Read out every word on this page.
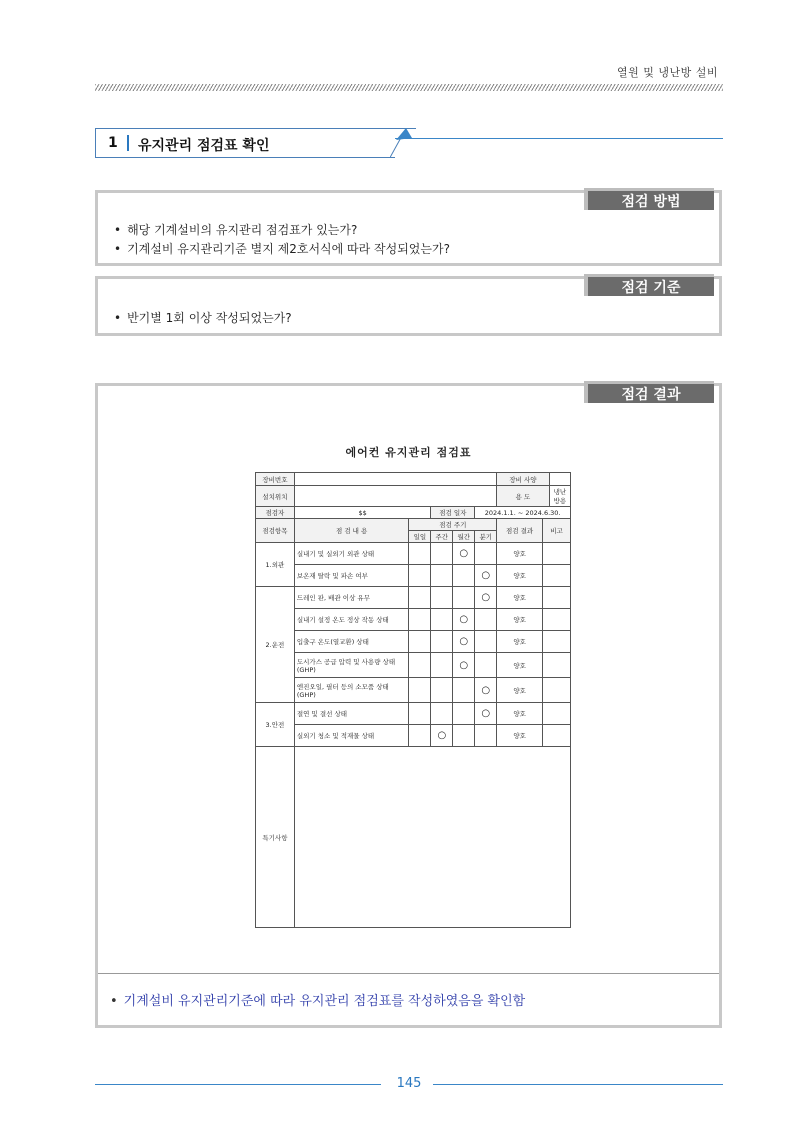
열원 및 냉난방 설비
1 유지관리 점검표 확인
점검 방법
• 해당 기계설비의 유지관리 점검표가 있는가?
• 기계설비 유지관리기준 별지 제2호서식에 따라 작성되었는가?
점검 기준
• 반기별 1회 이상 작성되었는가?
점검 결과
에어컨 유지관리 점검표
장비번호			장비 사양	

설치위치			용 도	냉난방용

점검자	$$	점검 일자	2024.1.1. ~ 2024.6.30.
점검항목	점 검 내 용	점검 주기	점검 결과	비고
일일	주간	월간	분기
1.외관	실내기 및 실외기 외관 상태			○		양호	
보온재 탈락 및 파손 여부				○	양호	
2.운전	드레인 판, 배관 이상 유무				○	양호	
실내기 설정 온도 정상 작동 상태			○		양호	
입출구 온도(열교환) 상태			○		양호	
도시가스 공급 압력 및 사용량 상태(GHP)			○		양호	
엔진오일, 필터 등의 소모품 상태(GHP)				○	양호	
3.안전	절연 및 결선 상태				○	양호	
실외기 청소 및 적재물 상태		○			양호	
특기사항	
• 기계설비 유지관리기준에 따라 유지관리 점검표를 작성하였음을 확인함
145
